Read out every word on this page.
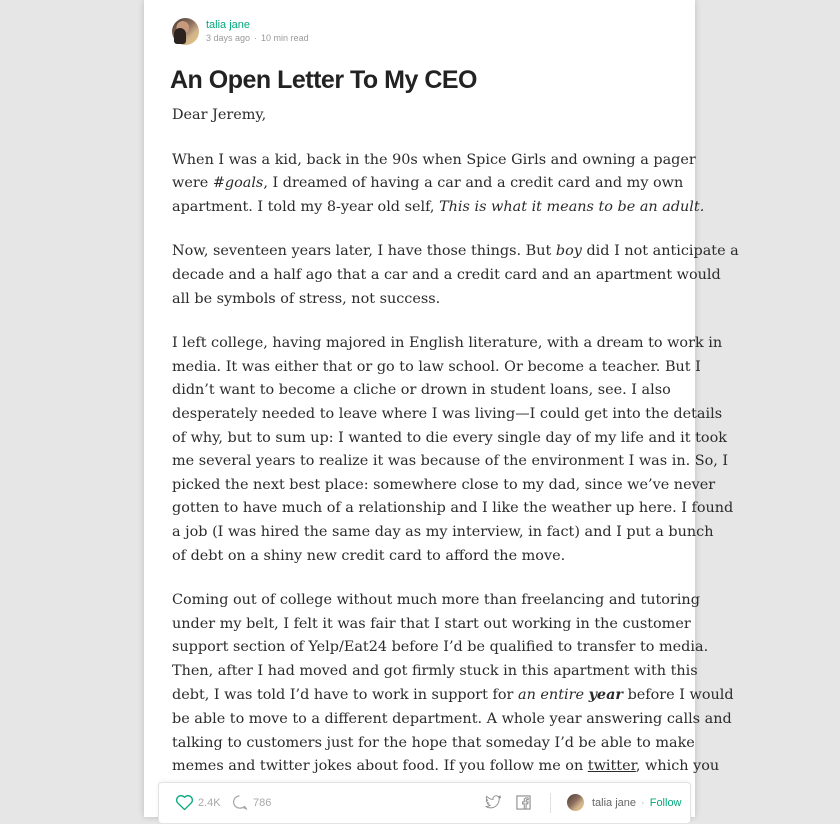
talia jane
3 days ago · 10 min read
An Open Letter To My CEO

Dear Jeremy,

When I was a kid, back in the 90s when Spice Girls and owning a pager
were #goals, I dreamed of having a car and a credit card and my own
apartment. I told my 8-year old self, This is what it means to be an adult.

Now, seventeen years later, I have those things. But boy did I not anticipate a
decade and a half ago that a car and a credit card and an apartment would
all be symbols of stress, not success.

I left college, having majored in English literature, with a dream to work in
media. It was either that or go to law school. Or become a teacher. But I
didn’t want to become a cliche or drown in student loans, see. I also
desperately needed to leave where I was living—I could get into the details
of why, but to sum up: I wanted to die every single day of my life and it took
me several years to realize it was because of the environment I was in. So, I
picked the next best place: somewhere close to my dad, since we’ve never
gotten to have much of a relationship and I like the weather up here. I found
a job (I was hired the same day as my interview, in fact) and I put a bunch
of debt on a shiny new credit card to afford the move.

Coming out of college without much more than freelancing and tutoring
under my belt, I felt it was fair that I start out working in the customer
support section of Yelp/Eat24 before I’d be qualified to transfer to media.
Then, after I had moved and got firmly stuck in this apartment with this
debt, I was told I’d have to work in support for an entire year before I would
be able to move to a different department. A whole year answering calls and
talking to customers just for the hope that someday I’d be able to make
memes and twitter jokes about food. If you follow me on twitter, which you

2.4K	786	talia jane · Follow
